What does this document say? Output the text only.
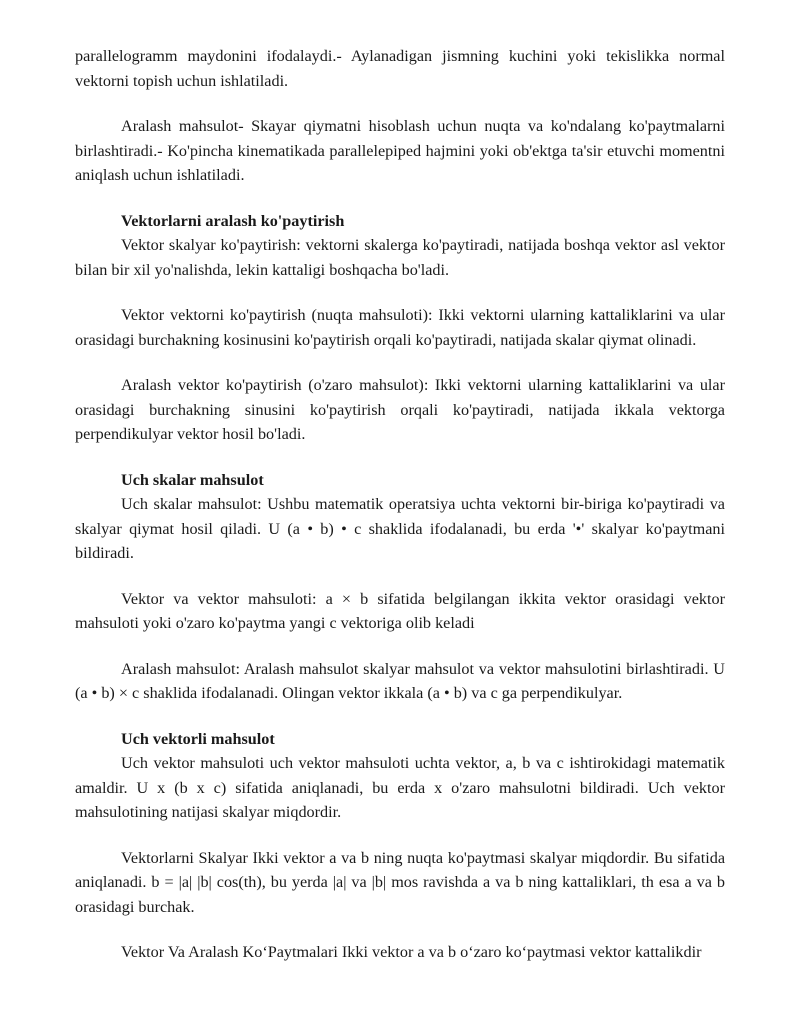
parallelogramm maydonini ifodalaydi.- Aylanadigan jismning kuchini yoki tekislikka normal vektorni topish uchun ishlatiladi.

Aralash mahsulot- Skayar qiymatni hisoblash uchun nuqta va ko'ndalang ko'paytmalarni birlashtiradi.- Ko'pincha kinematikada parallelepiped hajmini yoki ob'ektga ta'sir etuvchi momentni aniqlash uchun ishlatiladi.

Vektorlarni aralash ko'paytirish

Vektor skalyar ko'paytirish: vektorni skalerga ko'paytiradi, natijada boshqa vektor asl vektor bilan bir xil yo'nalishda, lekin kattaligi boshqacha bo'ladi.

Vektor vektorni ko'paytirish (nuqta mahsuloti): Ikki vektorni ularning kattaliklarini va ular orasidagi burchakning kosinusini ko'paytirish orqali ko'paytiradi, natijada skalar qiymat olinadi.

Aralash vektor ko'paytirish (o'zaro mahsulot): Ikki vektorni ularning kattaliklarini va ular orasidagi burchakning sinusini ko'paytirish orqali ko'paytiradi, natijada ikkala vektorga perpendikulyar vektor hosil bo'ladi.

Uch skalar mahsulot

Uch skalar mahsulot: Ushbu matematik operatsiya uchta vektorni bir-biriga ko'paytiradi va skalyar qiymat hosil qiladi. U (a • b) • c shaklida ifodalanadi, bu erda '•' skalyar ko'paytmani bildiradi.

Vektor va vektor mahsuloti: a × b sifatida belgilangan ikkita vektor orasidagi vektor mahsuloti yoki o'zaro ko'paytma yangi c vektoriga olib keladi

Aralash mahsulot: Aralash mahsulot skalyar mahsulot va vektor mahsulotini birlashtiradi. U (a • b) × c shaklida ifodalanadi. Olingan vektor ikkala (a • b) va c ga perpendikulyar.

Uch vektorli mahsulot

Uch vektor mahsuloti uch vektor mahsuloti uchta vektor, a, b va c ishtirokidagi matematik amaldir. U x (b x c) sifatida aniqlanadi, bu erda x o'zaro mahsulotni bildiradi. Uch vektor mahsulotining natijasi skalyar miqdordir.

Vektorlarni Skalyar Ikki vektor a va b ning nuqta ko'paytmasi skalyar miqdordir. Bu sifatida aniqlanadi. b = |a| |b| cos(th), bu yerda |a| va |b| mos ravishda a va b ning kattaliklari, th esa a va b orasidagi burchak.

Vektor Va Aralash Ko‘Paytmalari Ikki vektor a va b o‘zaro ko‘paytmasi vektor kattalikdir
